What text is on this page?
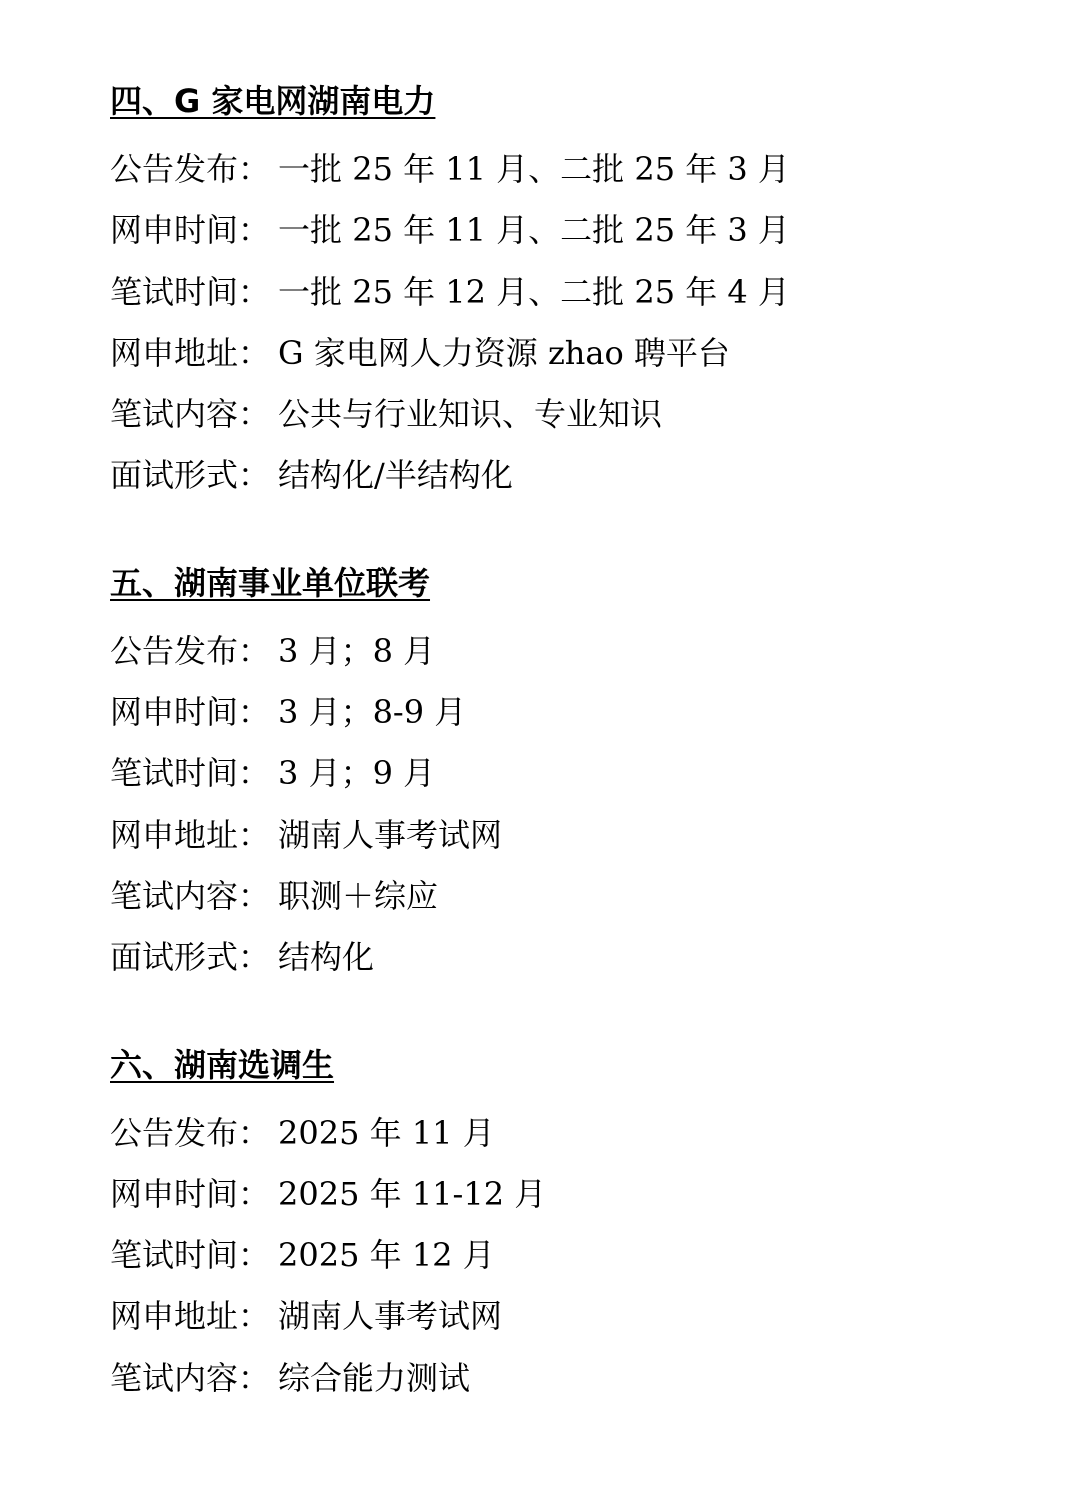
四、G 家电网湖南电力
公告发布 ： 一批 25 年 11 月、二批 25 年 3 月
网申时间 ： 一批 25 年 11 月、二批 25 年 3 月
笔试时间 ： 一批 25 年 12 月、二批 25 年 4 月
网申地址 ： G 家电网人力资源 zhao 聘平台
笔试内容 ： 公共与行业知识、专业知识
面试形式 ： 结构化/半结构化
五、湖南事业单位联考
公告发布 ： 3 月；8 月
网申时间 ： 3 月；8-9 月
笔试时间 ： 3 月；9 月
网申地址 ： 湖南人事考试网
笔试内容 ： 职测＋综应
面试形式 ： 结构化
六、湖南选调生
公告发布 ： 2025 年 11 月
网申时间 ： 2025 年 11-12 月
笔试时间 ： 2025 年 12 月
网申地址 ： 湖南人事考试网
笔试内容 ： 综合能力测试
